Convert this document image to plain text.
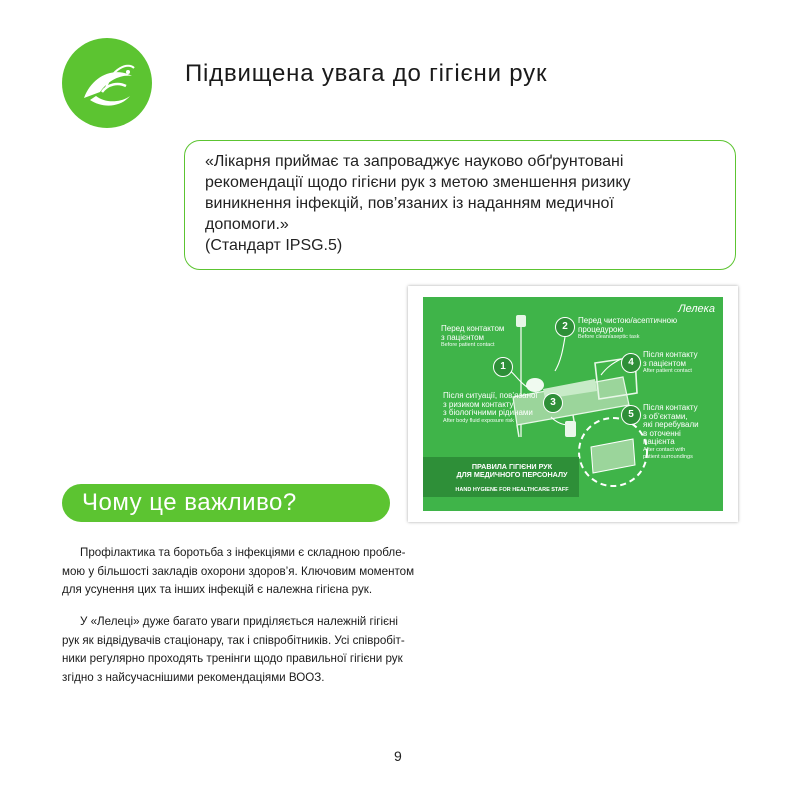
Підвищена увага до гігієни рук
«Лікарня приймає та запроваджує науково обґрунтовані
рекомендації щодо гігієни рук з метою зменшення ризику
виникнення інфекцій, пов’язаних із наданням медичної
допомоги.»
(Стандарт IPSG.5)
Лелека
Перед контактом
з пацієнтом
Before patient contact
1
Перед чистою/асептичною
процедурою
Before clean/aseptic task
2
Після ситуації, пов’язаної
з ризиком контакту
з біологічними рідинами
After body fluid exposure risk
3
Після контакту
з пацієнтом
After patient contact
4
Після контакту
з об’єктами,
які перебували
в оточенні
пацієнта
After contact with
patient surroundings
5
ПРАВИЛА ГІГІЄНИ РУК
ДЛЯ МЕДИЧНОГО ПЕРСОНАЛУ
HAND HYGIENE FOR HEALTHCARE STAFF
Чому це важливо?
Профілактика та боротьба з інфекціями є складною пробле-
мою у більшості закладів охорони здоров’я. Ключовим моментом
для усунення цих та інших інфекцій є належна гігієна рук.
У «Лелеці» дуже багато уваги приділяється належній гігієні
рук як відвідувачів стаціонару, так і співробітників. Усі співробіт-
ники регулярно проходять тренінги щодо правильної гігієни рук
згідно з найсучаснішими рекомендаціями ВООЗ.
9
